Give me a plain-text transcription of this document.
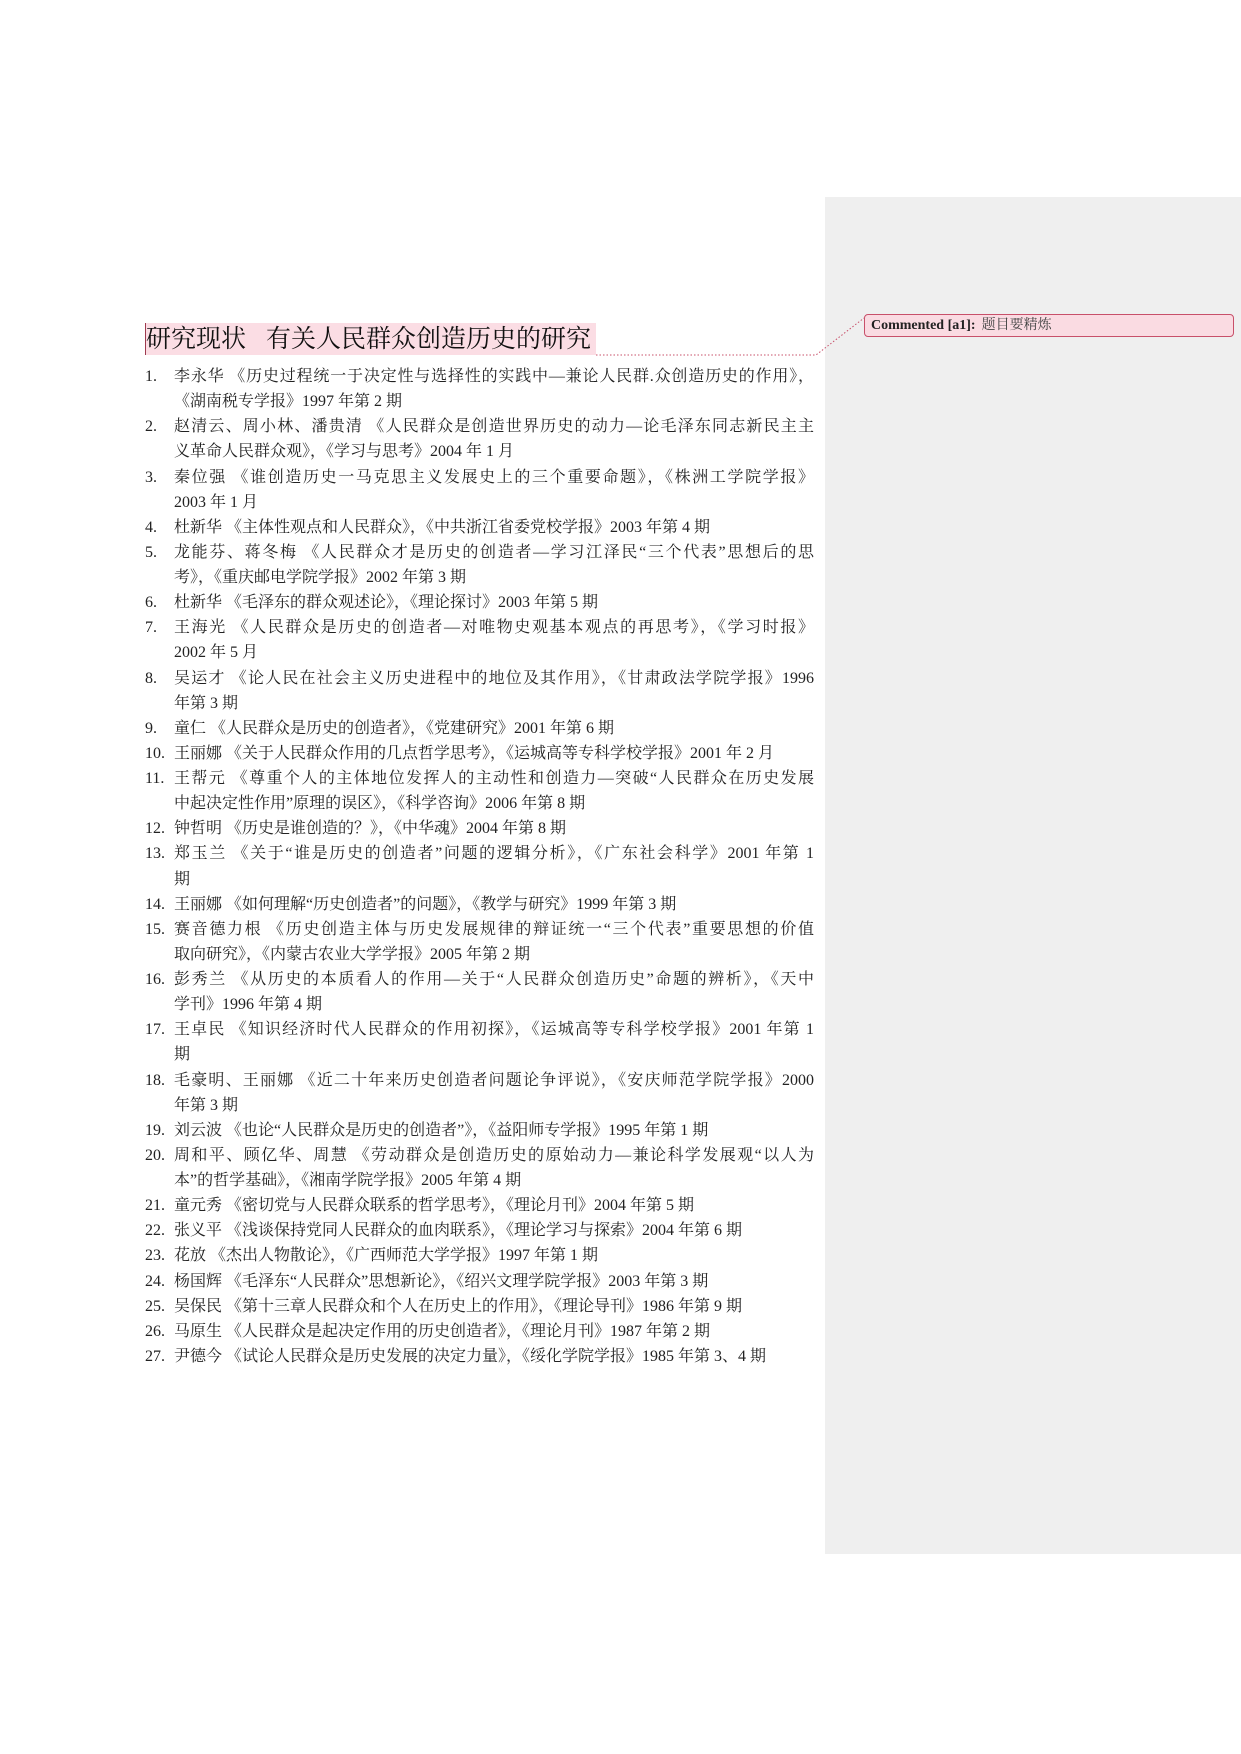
研究现状 有关人民群众创造历史的研究
1.	李永华 《历史过程统一于决定性与选择性的实践中—兼论人民群.众创造历史的作用》，
《湖南税专学报》1997 年第 2 期
2.	赵清云、周小林、潘贵清 《人民群众是创造世界历史的动力—论毛泽东同志新民主主
义革命人民群众观》，《学习与思考》2004 年 1 月
3.	秦位强 《谁创造历史一马克思主义发展史上的三个重要命题》，《株洲工学院学报》
2003 年 1 月
4.	杜新华 《主体性观点和人民群众》，《中共浙江省委党校学报》2003 年第 4 期
5.	龙能芬、蒋冬梅 《人民群众才是历史的创造者—学习江泽民“三个代表”思想后的思
考》，《重庆邮电学院学报》2002 年第 3 期
6.	杜新华 《毛泽东的群众观述论》，《理论探讨》2003 年第 5 期
7.	王海光 《人民群众是历史的创造者—对唯物史观基本观点的再思考》，《学习时报》
2002 年 5 月
8.	吴运才 《论人民在社会主义历史进程中的地位及其作用》，《甘肃政法学院学报》1996
年第 3 期
9.	童仁 《人民群众是历史的创造者》，《党建研究》2001 年第 6 期
10. 王丽娜 《关于人民群众作用的几点哲学思考》，《运城高等专科学校学报》2001 年 2 月
11. 王帮元 《尊重个人的主体地位发挥人的主动性和创造力—突破“人民群众在历史发展
中起决定性作用”原理的误区》，《科学咨询》2006 年第 8 期
12. 钟哲明 《历史是谁创造的？》，《中华魂》2004 年第 8 期
13. 郑玉兰 《关于“谁是历史的创造者”问题的逻辑分析》，《广东社会科学》2001 年第 1
期
14. 王丽娜 《如何理解“历史创造者”的问题》，《教学与研究》1999 年第 3 期
15. 赛音德力根 《历史创造主体与历史发展规律的辩证统一“三个代表”重要思想的价值
取向研究》，《内蒙古农业大学学报》2005 年第 2 期
16. 彭秀兰 《从历史的本质看人的作用—关于“人民群众创造历史”命题的辨析》，《天中
学刊》1996 年第 4 期
17. 王卓民 《知识经济时代人民群众的作用初探》，《运城高等专科学校学报》2001 年第 1
期
18. 毛豪明、王丽娜 《近二十年来历史创造者问题论争评说》，《安庆师范学院学报》2000
年第 3 期
19. 刘云波 《也论“人民群众是历史的创造者”》，《益阳师专学报》1995 年第 1 期
20. 周和平、顾亿华、周慧 《劳动群众是创造历史的原始动力—兼论科学发展观“以人为
本”的哲学基础》，《湘南学院学报》2005 年第 4 期
21. 童元秀 《密切党与人民群众联系的哲学思考》，《理论月刊》2004 年第 5 期
22. 张义平 《浅谈保持党同人民群众的血肉联系》，《理论学习与探索》2004 年第 6 期
23. 花放 《杰出人物散论》，《广西师范大学学报》1997 年第 1 期
24. 杨国辉 《毛泽东“人民群众”思想新论》，《绍兴文理学院学报》2003 年第 3 期
25. 吴保民 《第十三章人民群众和个人在历史上的作用》，《理论导刊》1986 年第 9 期
26. 马原生 《人民群众是起决定作用的历史创造者》，《理论月刊》1987 年第 2 期
27. 尹德今 《试论人民群众是历史发展的决定力量》，《绥化学院学报》1985 年第 3、4 期
Commented [a1]: 题目要精炼
